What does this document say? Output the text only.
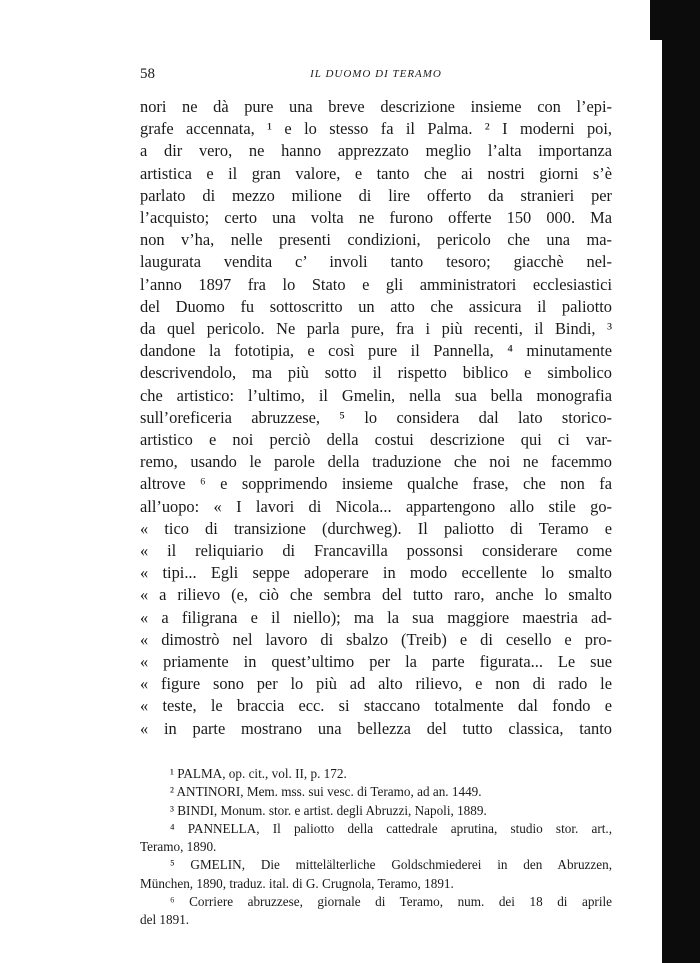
58	IL DUOMO DI TERAMO
nori ne dà pure una breve descrizione insieme con l’epi-
grafe accennata, ¹ e lo stesso fa il Palma. ² I moderni poi,
a dir vero, ne hanno apprezzato meglio l’alta importanza
artistica e il gran valore, e tanto che ai nostri giorni s’è
parlato di mezzo milione di lire offerto da stranieri per
l’acquisto; certo una volta ne furono offerte 150 000. Ma
non v’ha, nelle presenti condizioni, pericolo che una ma-
laugurata vendita c’ involi tanto tesoro; giacchè nel-
l’anno 1897 fra lo Stato e gli amministratori ecclesiastici
del Duomo fu sottoscritto un atto che assicura il paliotto
da quel pericolo. Ne parla pure, fra i più recenti, il Bindi, ³
dandone la fototipia, e così pure il Pannella, ⁴ minutamente
descrivendolo, ma più sotto il rispetto biblico e simbolico
che artistico: l’ultimo, il Gmelin, nella sua bella monografia
sull’oreficeria abruzzese, ⁵ lo considera dal lato storico-
artistico e noi perciò della costui descrizione qui ci var-
remo, usando le parole della traduzione che noi ne facemmo
altrove ⁶ e sopprimendo insieme qualche frase, che non fa
all’uopo: « I lavori di Nicola... appartengono allo stile go-
« tico di transizione (durchweg). Il paliotto di Teramo e
« il reliquiario di Francavilla possonsi considerare come
« tipi... Egli seppe adoperare in modo eccellente lo smalto
« a rilievo (e, ciò che sembra del tutto raro, anche lo smalto
« a filigrana e il niello); ma la sua maggiore maestria ad-
« dimostrò nel lavoro di sbalzo (Treib) e di cesello e pro-
« priamente in quest’ultimo per la parte figurata... Le sue
« figure sono per lo più ad alto rilievo, e non di rado le
« teste, le braccia ecc. si staccano totalmente dal fondo e
« in parte mostrano una bellezza del tutto classica, tanto
¹ PALMA, op. cit., vol. II, p. 172.
² ANTINORI, Mem. mss. sui vesc. di Teramo, ad an. 1449.
³ BINDI, Monum. stor. e artist. degli Abruzzi, Napoli, 1889.
⁴ PANNELLA, Il paliotto della cattedrale aprutina, studio stor. art.,
Teramo, 1890.
⁵ GMELIN, Die mittelälterliche Goldschmiederei in den Abruzzen,
München, 1890, traduz. ital. di G. Crugnola, Teramo, 1891.
⁶ Corriere abruzzese, giornale di Teramo, num. dei 18 di aprile
del 1891.
